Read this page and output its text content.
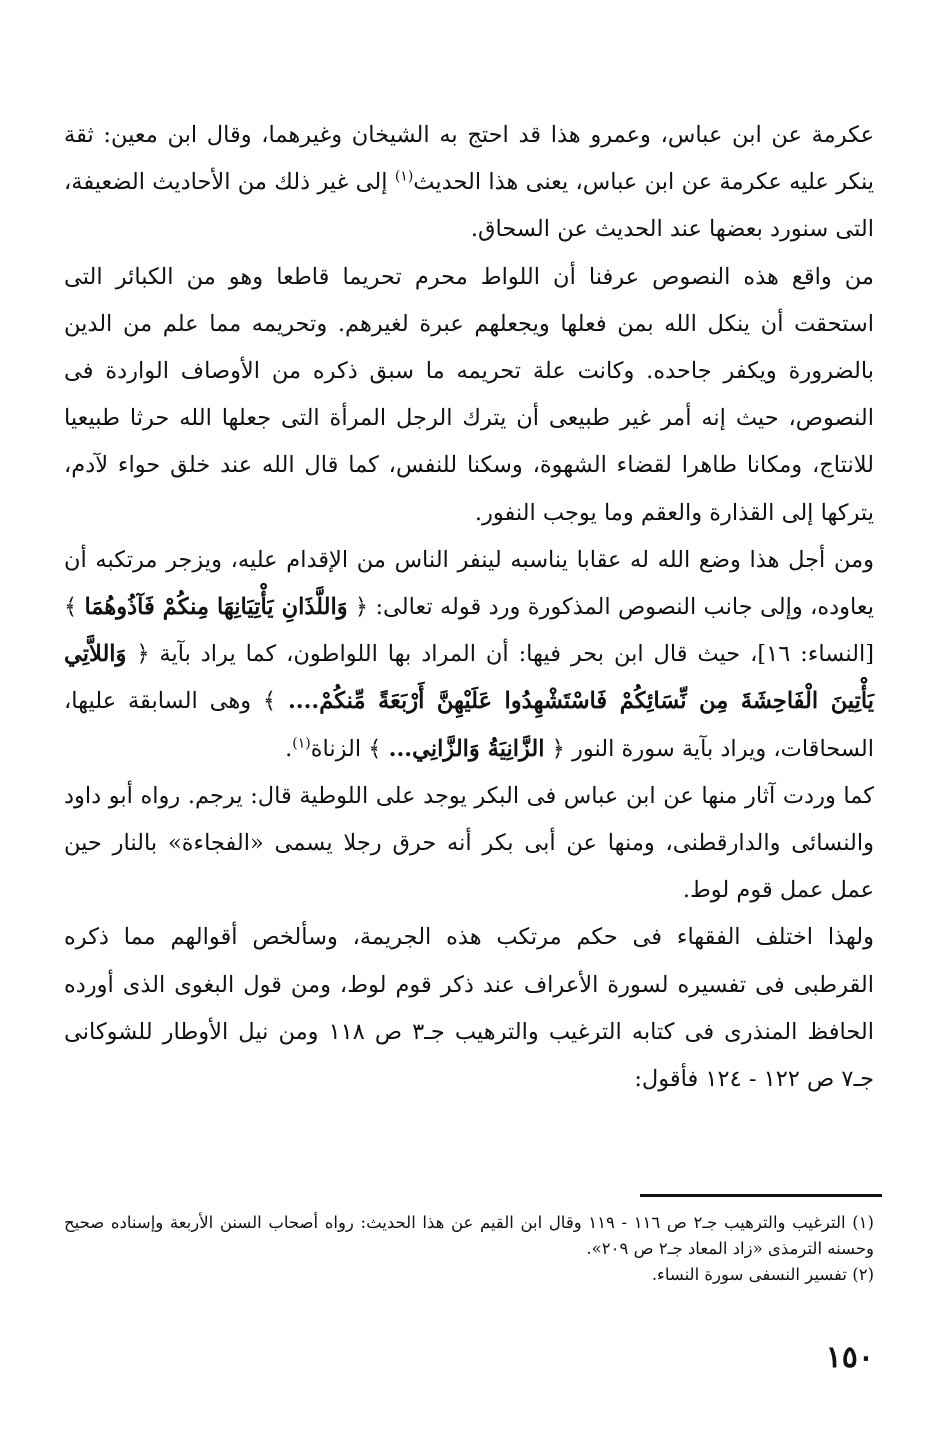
عكرمة عن ابن عباس، وعمرو هذا قد احتج به الشيخان وغيرهما، وقال ابن معين: ثقة ينكر عليه عكرمة عن ابن عباس، يعنى هذا الحديث$^{(١)}$ إلى غير ذلك من الأحاديث الضعيفة، التى سنورد بعضها عند الحديث عن السحاق.

من واقع هذه النصوص عرفنا أن اللواط محرم تحريما قاطعا وهو من الكبائر التى استحقت أن ينكل الله بمن فعلها ويجعلهم عبرة لغيرهم. وتحريمه مما علم من الدين بالضرورة ويكفر جاحده. وكانت علة تحريمه ما سبق ذكره من الأوصاف الواردة فى النصوص، حيث إنه أمر غير طبيعى أن يترك الرجل المرأة التى جعلها الله حرثا طبيعيا للانتاج، ومكانا طاهرا لقضاء الشهوة، وسكنا للنفس، كما قال الله عند خلق حواء لآدم، يتركها إلى القذارة والعقم وما يوجب النفور.

ومن أجل هذا وضع الله له عقابا يناسبه لينفر الناس من الإقدام عليه، ويزجر مرتكبه أن يعاوده، وإلى جانب النصوص المذكورة ورد قوله تعالى: ﴿ وَاللَّذَانِ يَأْتِيَانِهَا مِنكُمْ فَآذُوهُمَا ﴾ [النساء: ١٦]، حيث قال ابن بحر فيها: أن المراد بها اللواطون، كما يراد بآية ﴿ وَاللاَّتِي يَأْتِينَ الْفَاحِشَةَ مِن نِّسَائِكُمْ فَاسْتَشْهِدُوا عَلَيْهِنَّ أَرْبَعَةً مِّنكُمْ.... ﴾ وهى السابقة عليها، السحاقات، ويراد بآية سورة النور ﴿ الزَّانِيَةُ وَالزَّانِي... ﴾ الزناة$^{(١)}$.

كما وردت آثار منها عن ابن عباس فى البكر يوجد على اللوطية قال: يرجم. رواه أبو داود والنسائى والدارقطنى، ومنها عن أبى بكر أنه حرق رجلا يسمى «الفجاءة» بالنار حين عمل عمل قوم لوط.

ولهذا اختلف الفقهاء فى حكم مرتكب هذه الجريمة، وسألخص أقوالهم مما ذكره القرطبى فى تفسيره لسورة الأعراف عند ذكر قوم لوط، ومن قول البغوى الذى أورده الحافظ المنذرى فى كتابه الترغيب والترهيب جـ٣ ص ١١٨ ومن نيل الأوطار للشوكانى جـ٧ ص ١٢٢ - ١٢٤ فأقول:

(١) الترغيب والترهيب جـ٢ ص ١١٦ - ١١٩ وقال ابن القيم عن هذا الحديث: رواه أصحاب السنن الأربعة وإسناده صحيح وحسنه الترمذى «زاد المعاد جـ٢ ص ٢٠٩».

(٢) تفسير النسفى سورة النساء.

١٥٠
